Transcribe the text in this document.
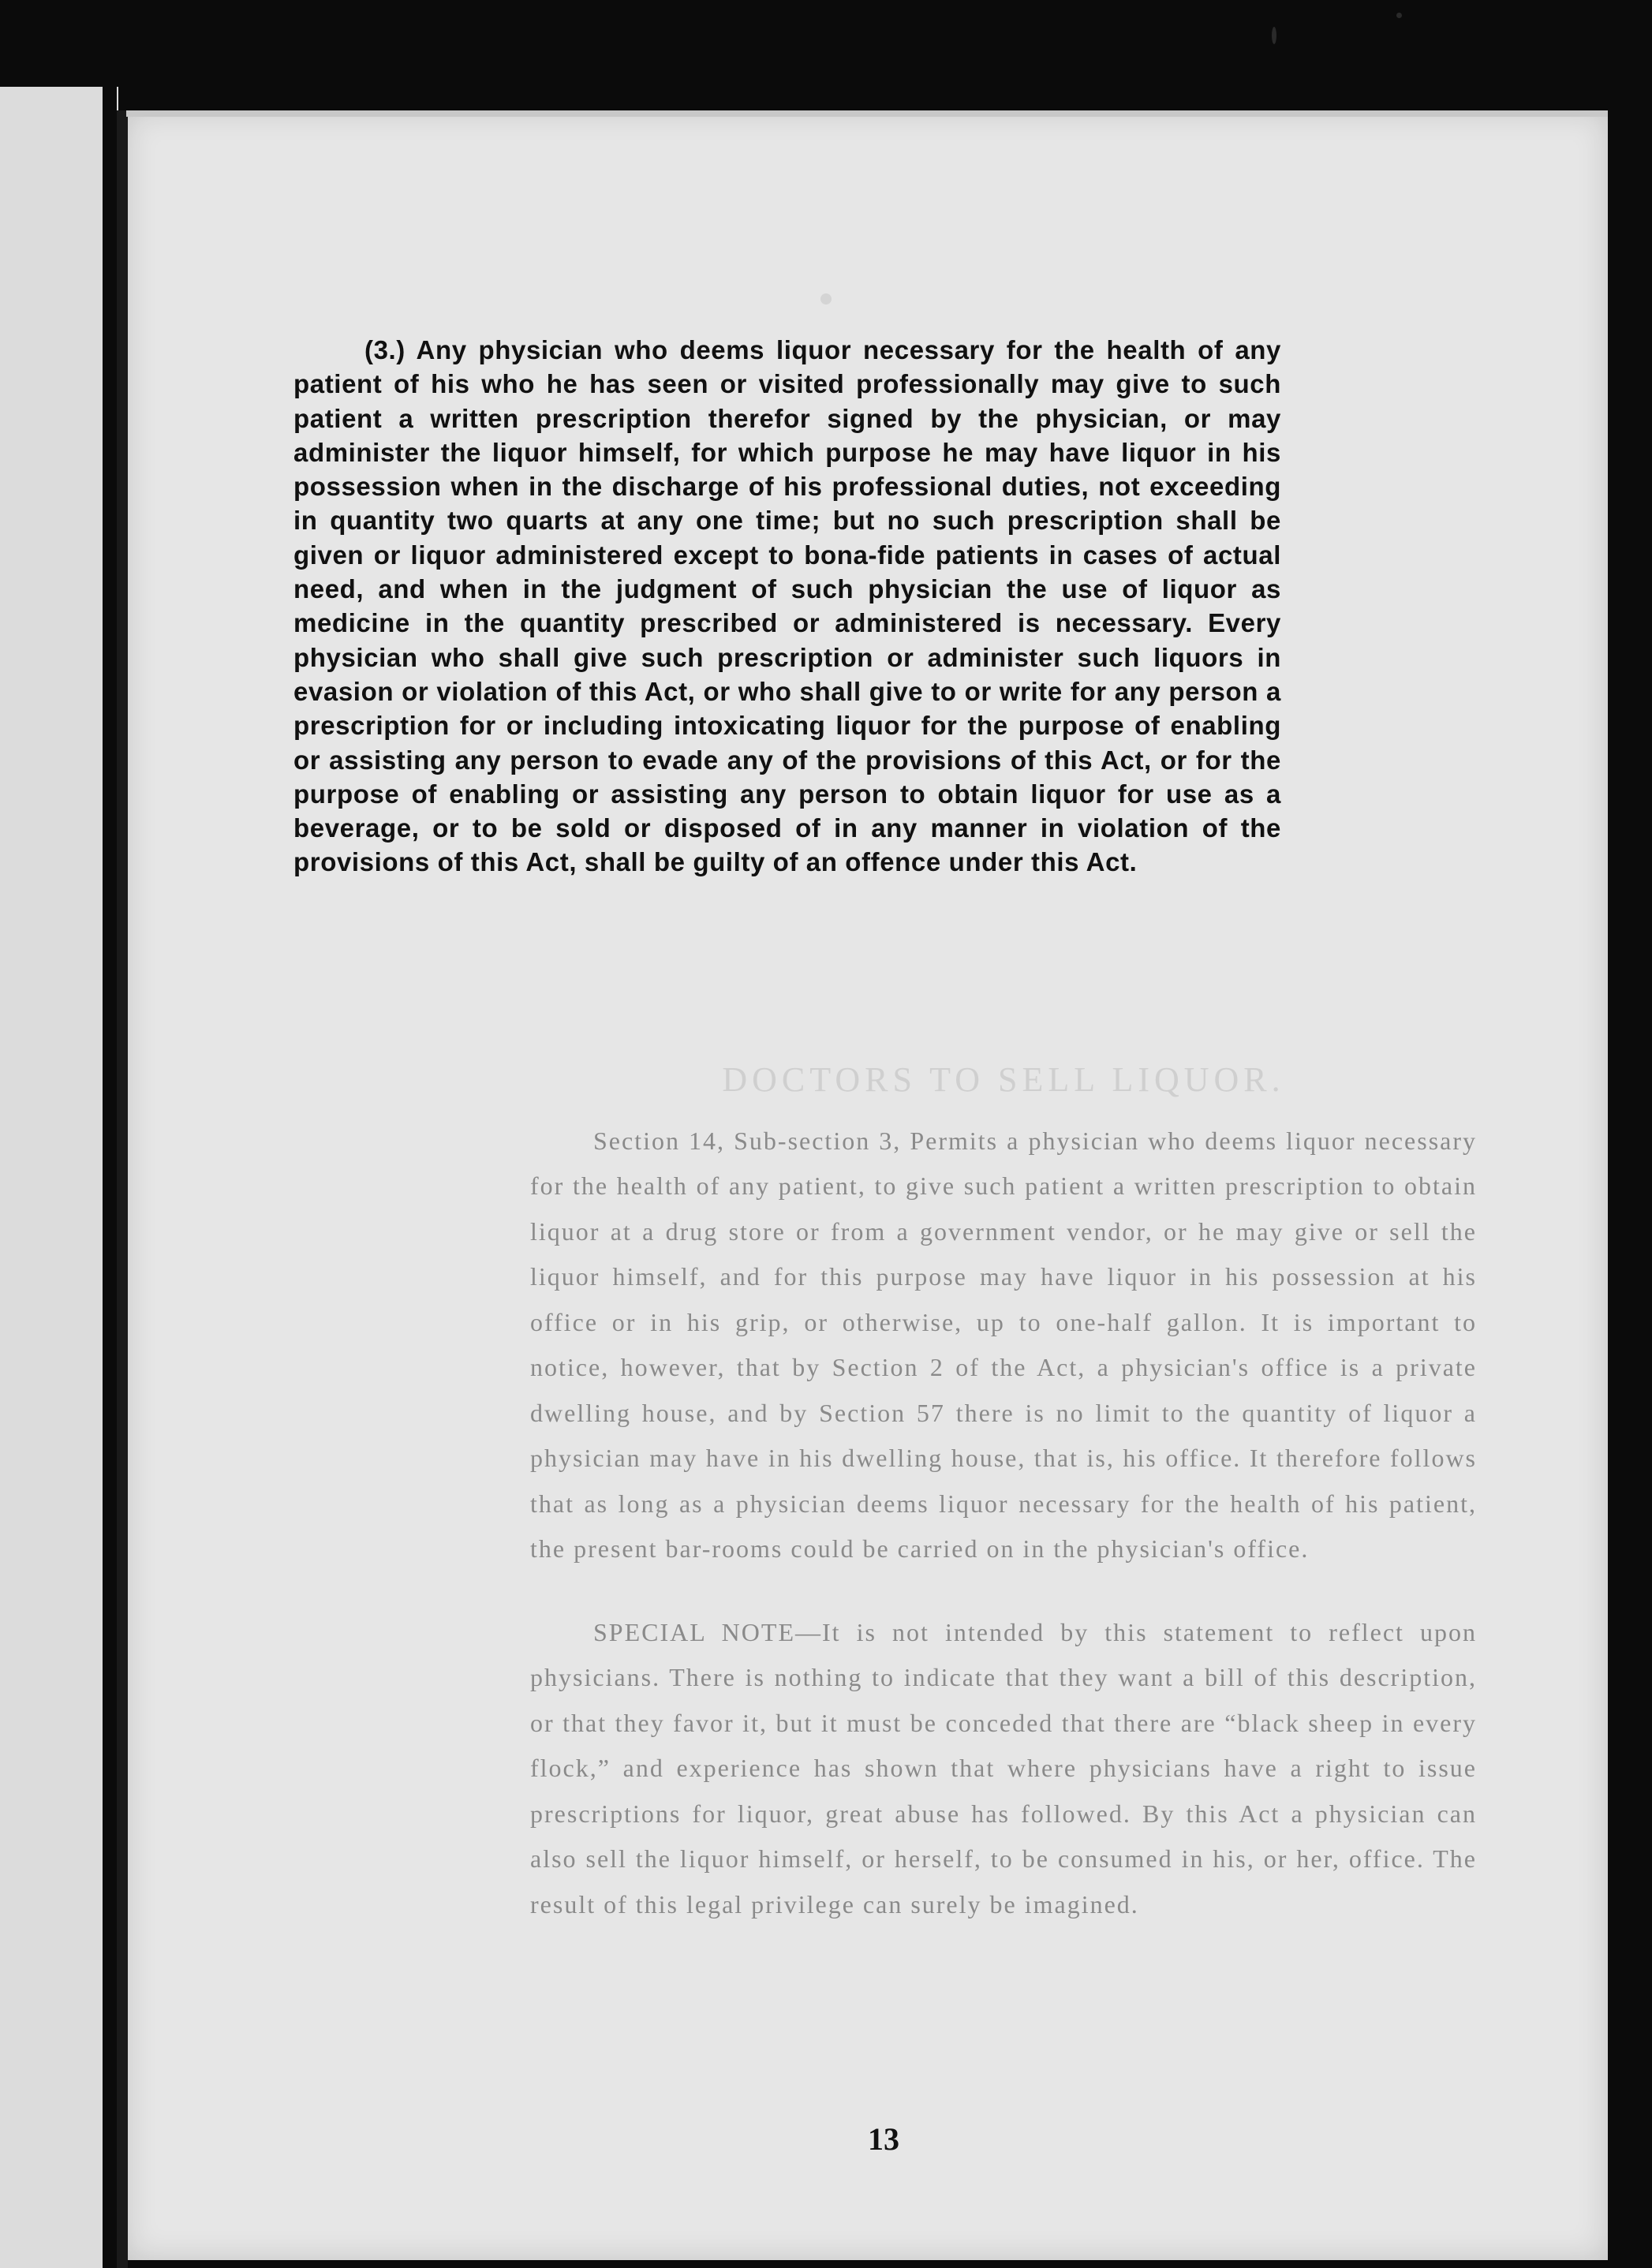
(3.) Any physician who deems liquor necessary for the health of any patient of his who he has seen or visited professionally may give to such patient a written prescription therefor signed by the physician, or may administer the liquor himself, for which purpose he may have liquor in his possession when in the discharge of his professional duties, not exceeding in quantity two quarts at any one time; but no such prescription shall be given or liquor administered except to bona-fide patients in cases of actual need, and when in the judgment of such physician the use of liquor as medicine in the quantity prescribed or administered is necessary. Every physician who shall give such prescription or administer such liquors in evasion or violation of this Act, or who shall give to or write for any person a prescription for or including intoxicating liquor for the purpose of enabling or assisting any person to evade any of the provisions of this Act, or for the purpose of enabling or assisting any person to obtain liquor for use as a beverage, or to be sold or disposed of in any manner in violation of the provisions of this Act, shall be guilty of an offence under this Act.

DOCTORS TO SELL LIQUOR.

Section 14, Sub-section 3, Permits a physician who deems liquor necessary for the health of any patient, to give such patient a written prescription to obtain liquor at a drug store or from a government vendor, or he may give or sell the liquor himself, and for this purpose may have liquor in his possession at his office or in his grip, or otherwise, up to one-half gallon. It is important to notice, however, that by Section 2 of the Act, a physician's office is a private dwelling house, and by Section 57 there is no limit to the quantity of liquor a physician may have in his dwelling house, that is, his office. It therefore follows that as long as a physician deems liquor necessary for the health of his patient, the present bar-rooms could be carried on in the physician's office.

SPECIAL NOTE—It is not intended by this statement to reflect upon physicians. There is nothing to indicate that they want a bill of this description, or that they favor it, but it must be conceded that there are “black sheep in every flock,” and experience has shown that where physicians have a right to issue prescriptions for liquor, great abuse has followed. By this Act a physician can also sell the liquor himself, or herself, to be consumed in his, or her, office. The result of this legal privilege can surely be imagined.

13
